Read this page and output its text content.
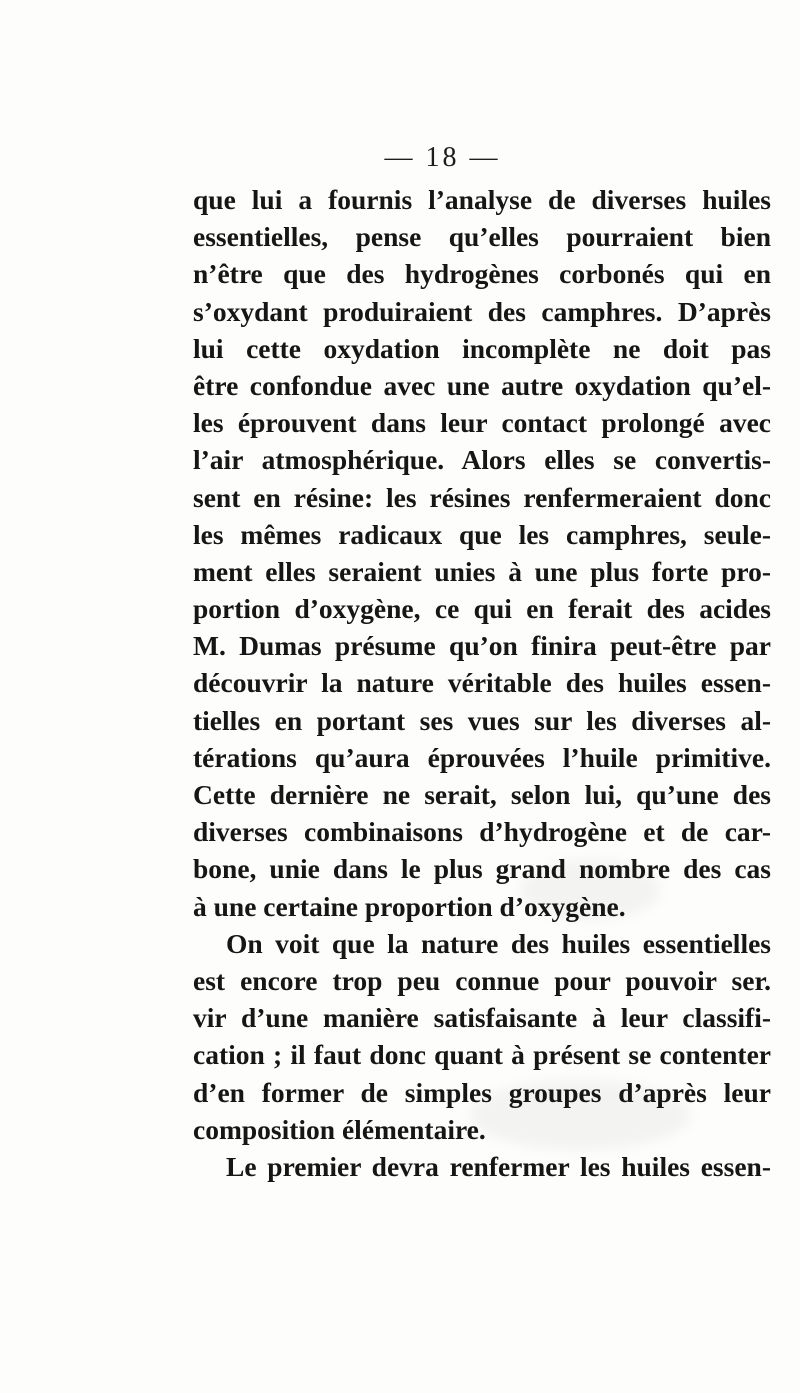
— 18 —
que lui a fournis l’analyse de diverses huiles
essentielles, pense qu’elles pourraient bien
n’être que des hydrogènes corbonés qui en
s’oxydant produiraient des camphres. D’après
lui cette oxydation incomplète ne doit pas
être confondue avec une autre oxydation qu’el-
les éprouvent dans leur contact prolongé avec
l’air atmosphérique. Alors elles se convertis-
sent en résine: les résines renfermeraient donc
les mêmes radicaux que les camphres, seule-
ment elles seraient unies à une plus forte pro-
portion d’oxygène, ce qui en ferait des acides
M. Dumas présume qu’on finira peut-être par
découvrir la nature véritable des huiles essen-
tielles en portant ses vues sur les diverses al-
térations qu’aura éprouvées l’huile primitive.
Cette dernière ne serait, selon lui, qu’une des
diverses combinaisons d’hydrogène et de car-
bone, unie dans le plus grand nombre des cas
à une certaine proportion d’oxygène.
On voit que la nature des huiles essentielles
est encore trop peu connue pour pouvoir ser.
vir d’une manière satisfaisante à leur classifi-
cation ; il faut donc quant à présent se contenter
d’en former de simples groupes d’après leur
composition élémentaire.
Le premier devra renfermer les huiles essen-
